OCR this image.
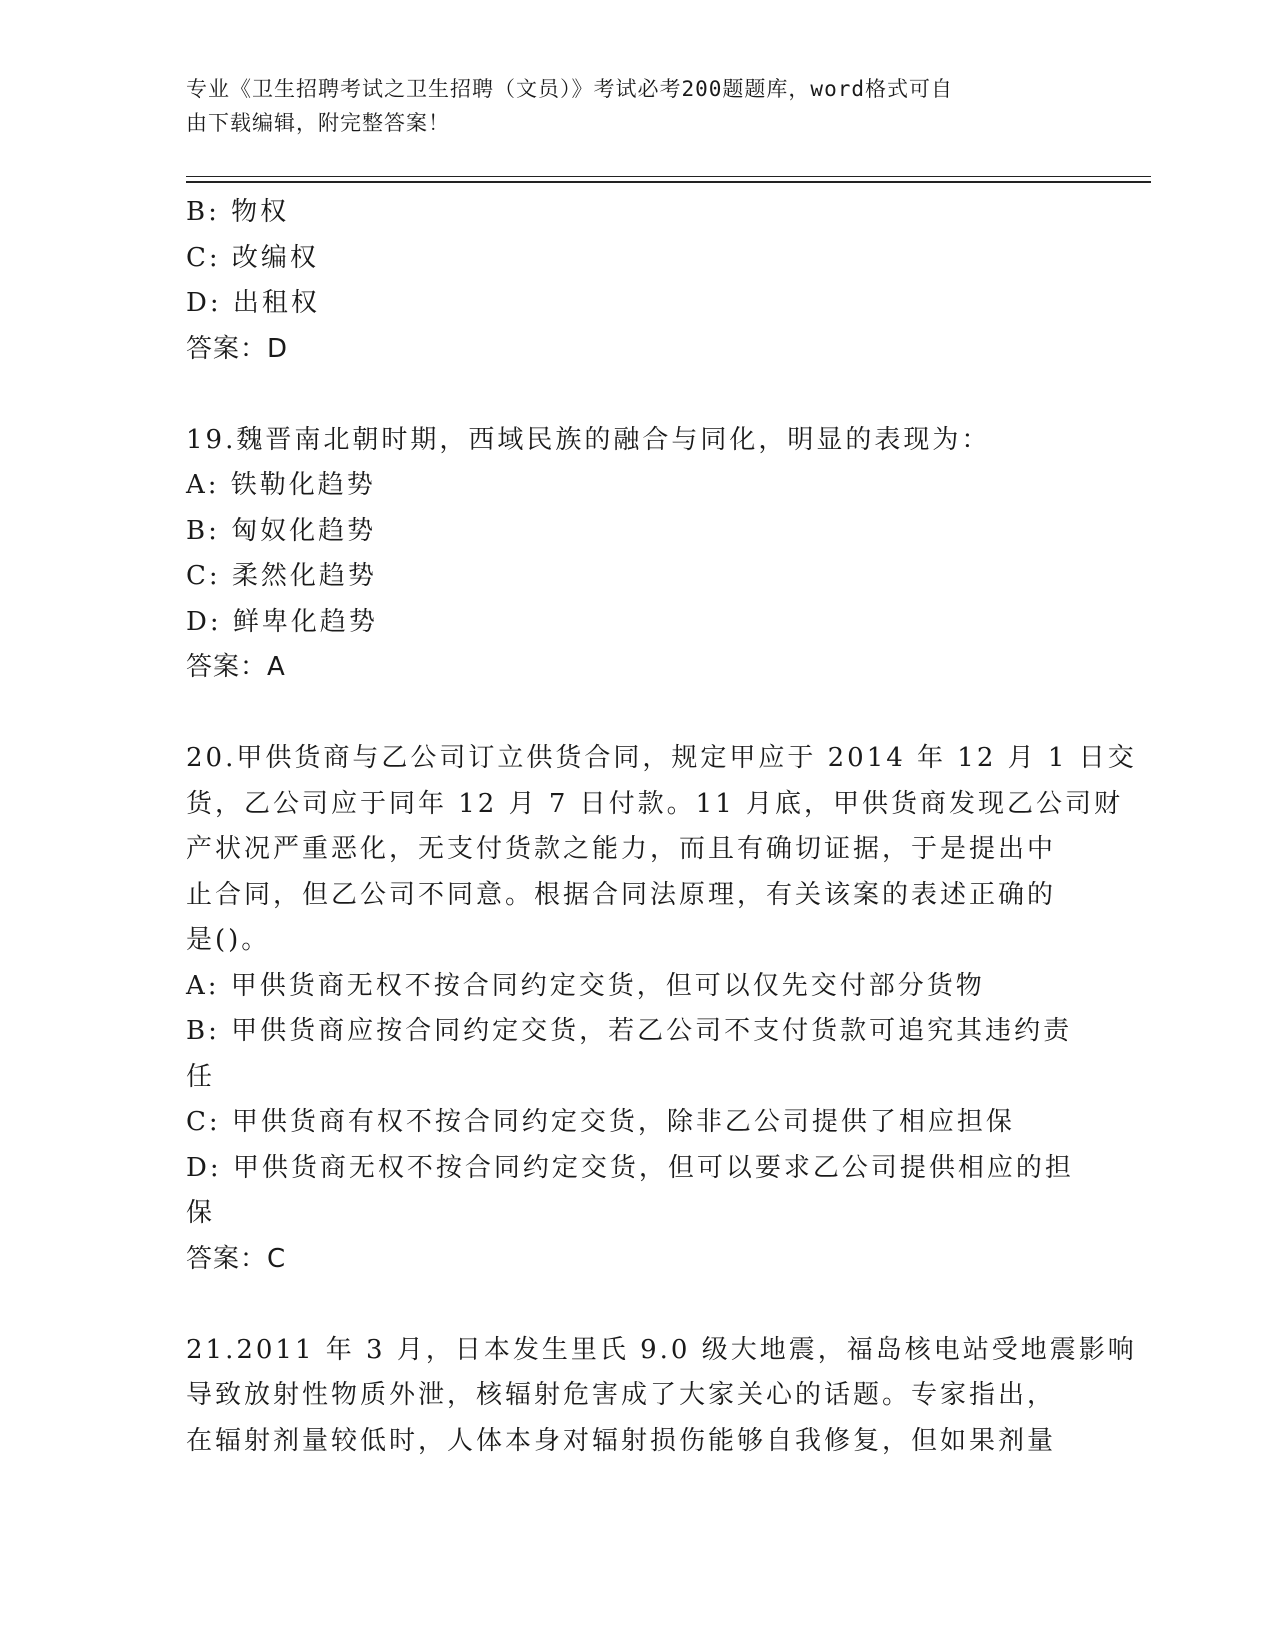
专业《卫生招聘考试之卫生招聘（文员）》考试必考200题题库，word格式可自
由下载编辑，附完整答案！
B: 物权
C: 改编权
D: 出租权
答案：D
19.魏晋南北朝时期，西域民族的融合与同化，明显的表现为：
A: 铁勒化趋势
B: 匈奴化趋势
C: 柔然化趋势
D: 鲜卑化趋势
答案：A
20.甲供货商与乙公司订立供货合同，规定甲应于 2014 年 12 月 1 日交
货，乙公司应于同年 12 月 7 日付款。11 月底，甲供货商发现乙公司财
产状况严重恶化，无支付货款之能力，而且有确切证据，于是提出中
止合同，但乙公司不同意。根据合同法原理，有关该案的表述正确的
是()。
A: 甲供货商无权不按合同约定交货，但可以仅先交付部分货物
B: 甲供货商应按合同约定交货，若乙公司不支付货款可追究其违约责
任
C: 甲供货商有权不按合同约定交货，除非乙公司提供了相应担保
D: 甲供货商无权不按合同约定交货，但可以要求乙公司提供相应的担
保
答案：C
21.2011 年 3 月，日本发生里氏 9.0 级大地震，福岛核电站受地震影响
导致放射性物质外泄，核辐射危害成了大家关心的话题。专家指出，
在辐射剂量较低时，人体本身对辐射损伤能够自我修复，但如果剂量
